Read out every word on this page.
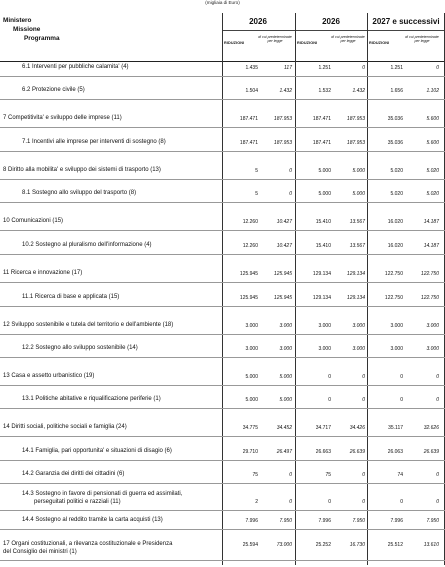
(migliaia di Euro)
Ministero
Missione
Programma
2026	2026	2027 e successivi
RIDUZIONI
di cui predeterminate per legge	RIDUZIONI
di cui predeterminate per legge	RIDUZIONI
di cui predeterminate per legge
6.1 Interventi per pubbliche calamita' (4)	1.435	117	1.251	0	1.251	0
6.2 Protezione civile (5)	1.504	1.432	1.532	1.432	1.656	1.102
7 Competitivita' e sviluppo delle imprese (11)	187.471	187.953	187.471	187.953	35.036	5.600
7.1 Incentivi alle imprese per interventi di sostegno (8)	187.471	187.953	187.471	187.953	35.036	5.600
8 Diritto alla mobilita' e sviluppo dei sistemi di trasporto (13)	5	0	5.000	5.000	5.020	5.020
8.1 Sostegno allo sviluppo del trasporto (8)	5	0	5.000	5.000	5.020	5.020
10 Comunicazioni (15)	12.260	10.427	15.410	13.567	16.020	14.187
10.2 Sostegno al pluralismo dell'informazione (4)	12.260	10.427	15.410	13.567	16.020	14.187
11 Ricerca e innovazione (17)	125.945	125.945	129.134	129.134	122.750	122.750
11.1 Ricerca di base e applicata (15)	125.945	125.945	129.134	129.134	122.750	122.750
12 Sviluppo sostenibile e tutela del territorio e dell'ambiente (18)	3.000	3.000	3.000	3.000	3.000	3.000
12.2 Sostegno allo sviluppo sostenibile (14)	3.000	3.000	3.000	3.000	3.000	3.000
13 Casa e assetto urbanistico (19)	5.000	5.000	0	0	0	0
13.1 Politiche abitative e riqualificazione periferie (1)	5.000	5.000	0	0	0	0
14 Diritti sociali, politiche sociali e famiglia (24)	34.775	34.452	34.717	34.426	35.117	32.626
14.1 Famiglia, pari opportunita' e situazioni di disagio (6)	29.710	26.497	26.663	26.639	26.063	26.639
14.2 Garanzia dei diritti dei cittadini (6)	75	0	75	0	74	0
14.3 Sostegno in favore di pensionati di guerra ed assimilati,
perseguitati politici e razziali (11)	2	0	0	0	0	0
14.4 Sostegno al reddito tramite la carta acquisti (13)	7.996	7.950	7.996	7.950	7.996	7.950
17 Organi costituzionali, a rilevanza costituzionale e Presidenza
del Consiglio dei ministri (1)
25.594	73.000	25.252	16.730	25.512	13.610
